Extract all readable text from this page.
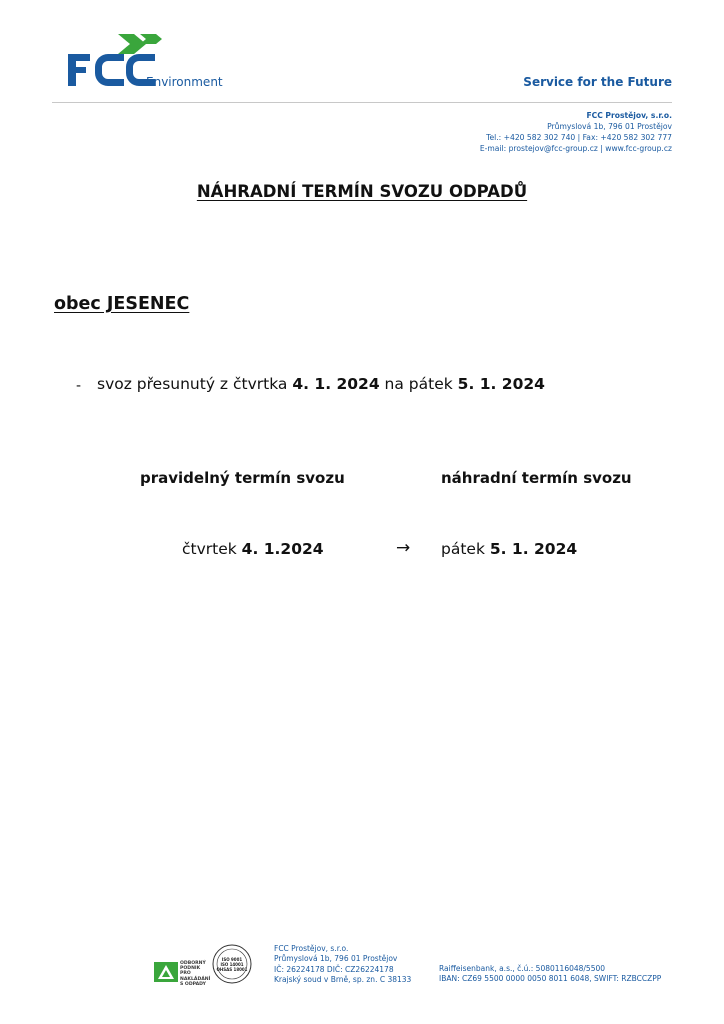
Environment	Service for the Future
FCC Prostějov, s.r.o.
Průmyslová 1b, 796 01 Prostějov
Tel.: +420 582 302 740 | Fax: +420 582 302 777
E-mail: prostejov@fcc-group.cz | www.fcc-group.cz
NÁHRADNÍ TERMÍN SVOZU ODPADŮ
obec JESENEC
- svoz přesunutý z čtvrtka 4. 1. 2024 na pátek 5. 1. 2024
pravidelný termín svozu	náhradní termín svozu
čtvrtek 4. 1.2024	→ pátek 5. 1. 2024
ODBORNÝ PODNIK PRO NAKLÁDÁNÍ S ODPADY
ISO 9001
ISO 14001
OHSAS 18001
FCC Prostějov, s.r.o.
Průmyslová 1b, 796 01 Prostějov
IČ: 26224178 DIČ: CZ26224178
Krajský soud v Brně, sp. zn. C 38133
Raiffeisenbank, a.s., č.ú.: 5080116048/5500
IBAN: CZ69 5500 0000 0050 8011 6048, SWIFT: RZBCCZPP
